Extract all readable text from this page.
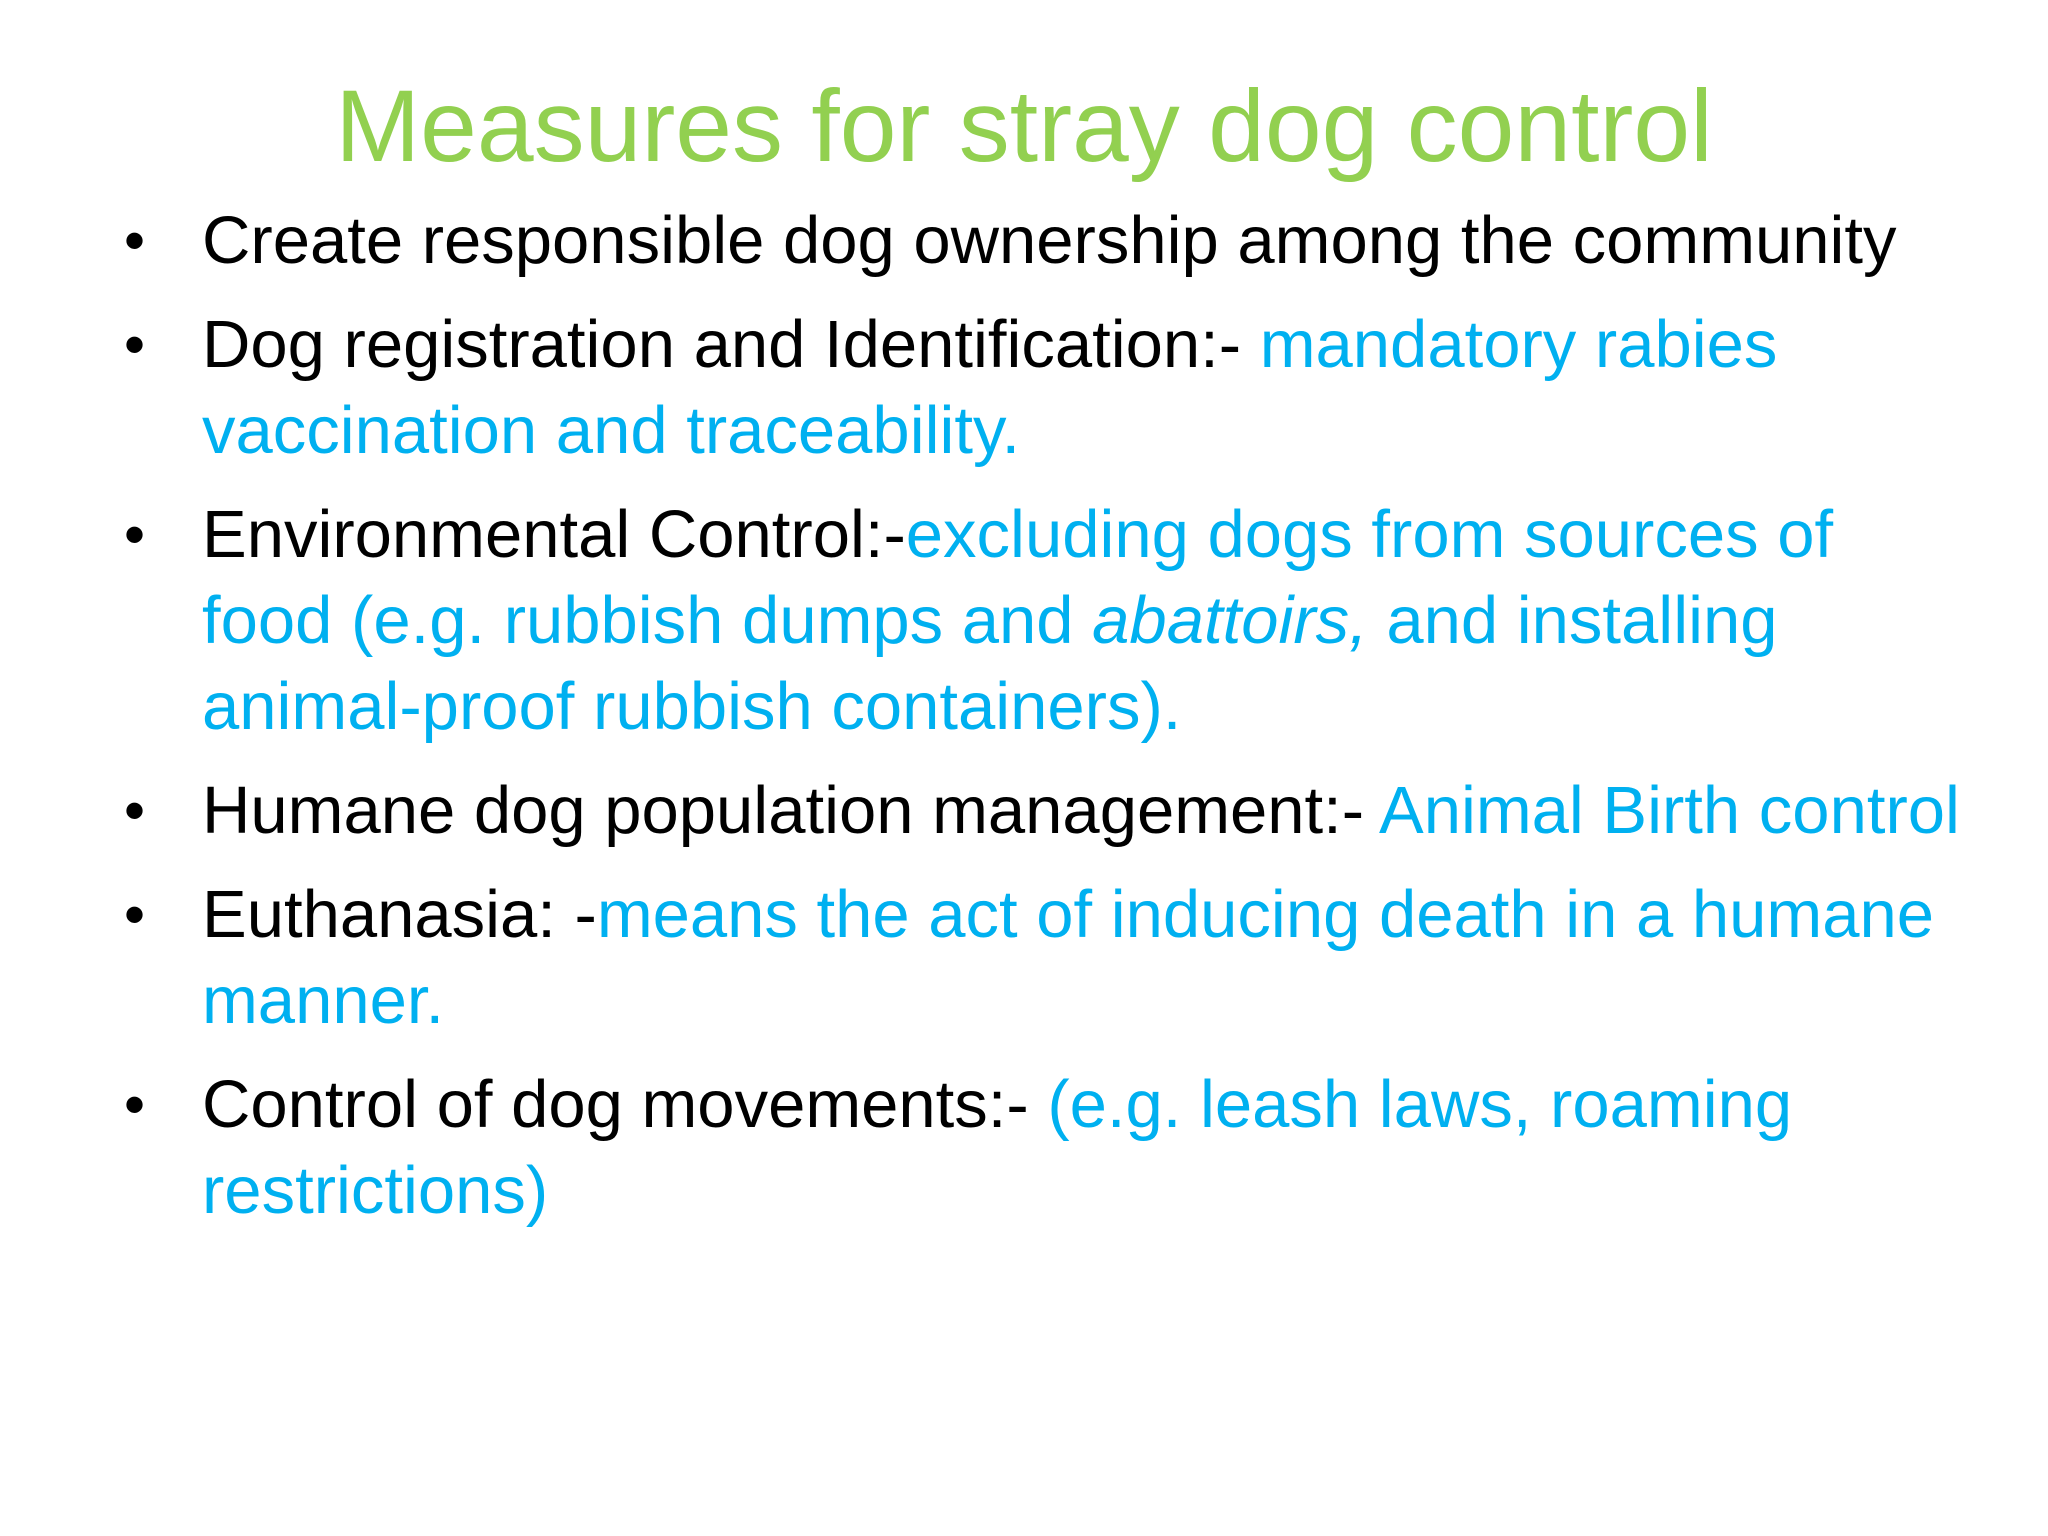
Measures for stray dog control
• Create responsible dog ownership among the community
• Dog registration and Identification:- mandatory rabies vaccination and traceability.
• Environmental Control:-excluding dogs from sources of food (e.g. rubbish dumps and abattoirs, and installing animal-proof rubbish containers).
• Humane dog population management:- Animal Birth control
• Euthanasia: -means the act of inducing death in a humane manner.
• Control of dog movements:- (e.g. leash laws, roaming restrictions)
